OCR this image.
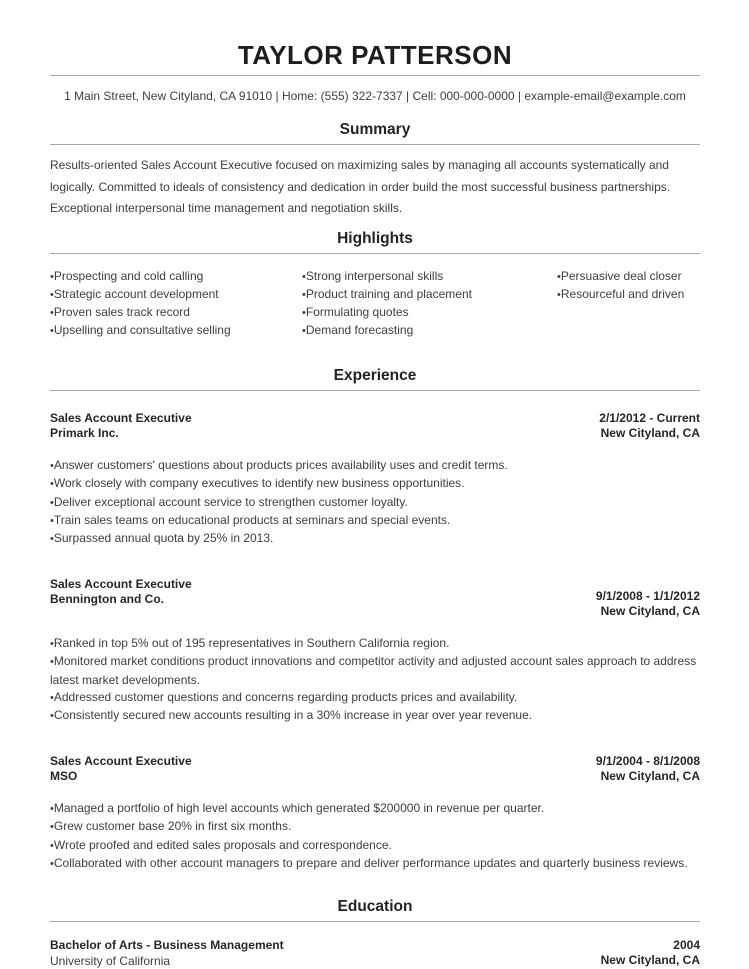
TAYLOR PATTERSON
1 Main Street, New Cityland, CA 91010 | Home: (555) 322-7337 | Cell: 000-000-0000 | example-email@example.com
Summary

Results-oriented Sales Account Executive focused on maximizing sales by managing all accounts systematically and logically. Committed to ideals of consistency and dedication in order build the most successful business partnerships. Exceptional interpersonal time management and negotiation skills.

Highlights
• Prospecting and cold calling
• Strategic account development
• Proven sales track record
• Upselling and consultative selling
• Strong interpersonal skills
• Product training and placement
• Formulating quotes
• Demand forecasting
• Persuasive deal closer
• Resourceful and driven
Experience
Sales Account Executive
Primark Inc.
2/1/2012 - Current
New Cityland, CA
• Answer customers' questions about products prices availability uses and credit terms.
• Work closely with company executives to identify new business opportunities.
• Deliver exceptional account service to strengthen customer loyalty.
• Train sales teams on educational products at seminars and special events.
• Surpassed annual quota by 25% in 2013.
Sales Account Executive
Bennington and Co.	9/1/2008 - 1/1/2012
New Cityland, CA
• Ranked in top 5% out of 195 representatives in Southern California region.
• Monitored market conditions product innovations and competitor activity and adjusted account sales approach to address latest market developments.
• Addressed customer questions and concerns regarding products prices and availability.
• Consistently secured new accounts resulting in a 30% increase in year over year revenue.
Sales Account Executive
MSO
9/1/2004 - 8/1/2008
New Cityland, CA
• Managed a portfolio of high level accounts which generated $200000 in revenue per quarter.
• Grew customer base 20% in first six months.
• Wrote proofed and edited sales proposals and correspondence.
• Collaborated with other account managers to prepare and deliver performance updates and quarterly business reviews.
Education
Bachelor of Arts - Business Management
University of California
2004
New Cityland, CA
